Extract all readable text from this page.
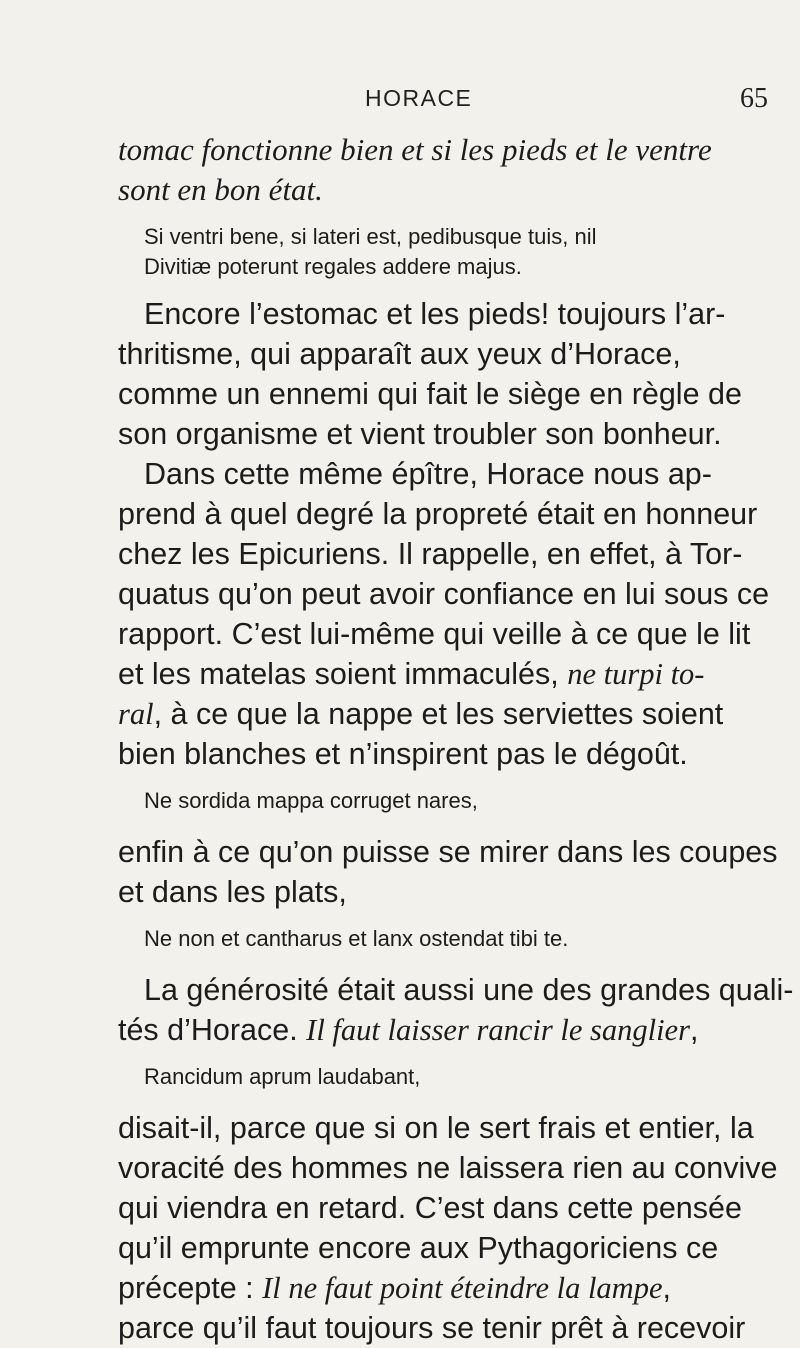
HORACE	65
tomac fonctionne bien et si les pieds et le ventre
sont en bon état.
Si ventri bene, si lateri est, pedibusque tuis, nil
Divitiæ poterunt regales addere majus.
Encore l’estomac et les pieds! toujours l’ar-
thritisme, qui apparaît aux yeux d’Horace,
comme un ennemi qui fait le siège en règle de
son organisme et vient troubler son bonheur.
Dans cette même épître, Horace nous ap-
prend à quel degré la propreté était en honneur
chez les Epicuriens. Il rappelle, en effet, à Tor-
quatus qu’on peut avoir confiance en lui sous ce
rapport. C’est lui-même qui veille à ce que le lit
et les matelas soient immaculés, ne turpi to-
ral, à ce que la nappe et les serviettes soient
bien blanches et n’inspirent pas le dégoût.
Ne sordida mappa corruget nares,
enfin à ce qu’on puisse se mirer dans les coupes
et dans les plats,
Ne non et cantharus et lanx ostendat tibi te.
La générosité était aussi une des grandes quali-
tés d’Horace. Il faut laisser rancir le sanglier,
Rancidum aprum laudabant,
disait-il, parce que si on le sert frais et entier, la
voracité des hommes ne laissera rien au convive
qui viendra en retard. C’est dans cette pensée
qu’il emprunte encore aux Pythagoriciens ce
précepte : Il ne faut point éteindre la lampe,
parce qu’il faut toujours se tenir prêt à recevoir
